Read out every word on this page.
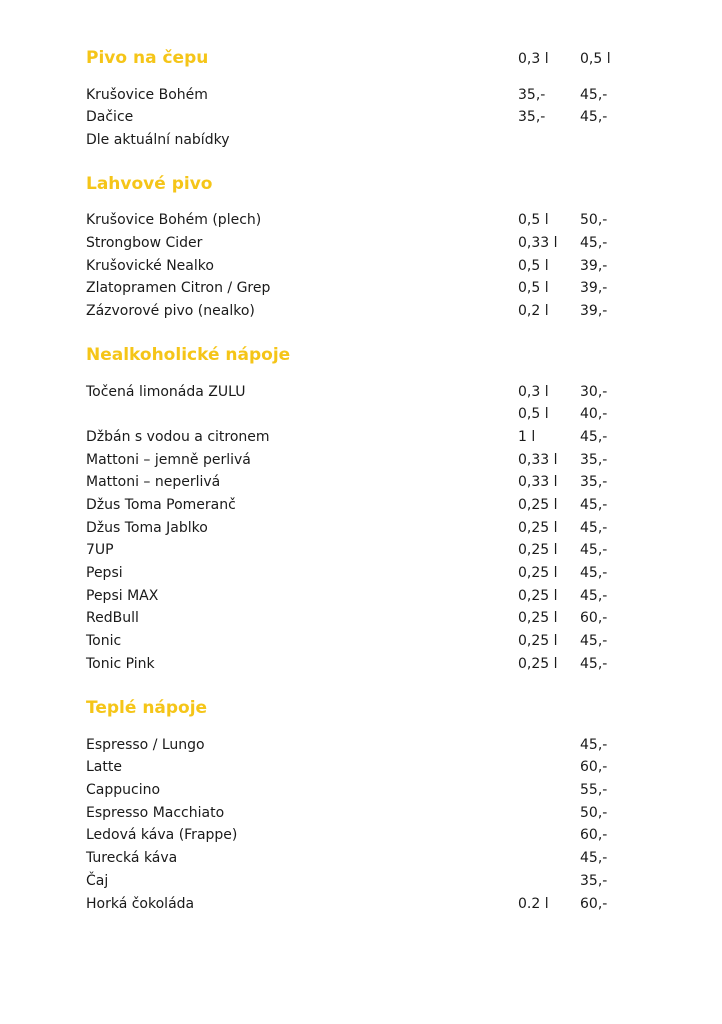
Pivo na čepu	0,3 l 0,5 l
Krušovice Bohém	35,- 45,-
Dačice	35,- 45,-
Dle aktuální nabídky
Lahvové pivo
Krušovice Bohém (plech)	0,5 l 50,-
Strongbow Cider	0,33 l 45,-
Krušovické Nealko	0,5 l 39,-
Zlatopramen Citron / Grep	0,5 l 39,-
Zázvorové pivo (nealko)	0,2 l 39,-
Nealkoholické nápoje
Točená limonáda ZULU	0,3 l 30,-
0,5 l 40,-
Džbán s vodou a citronem	1 l	45,-
Mattoni – jemně perlivá	0,33 l 35,-
Mattoni – neperlivá	0,33 l 35,-
Džus Toma Pomeranč	0,25 l 45,-
Džus Toma Jablko	0,25 l 45,-
7UP	0,25 l 45,-
Pepsi	0,25 l 45,-
Pepsi MAX	0,25 l 45,-
RedBull	0,25 l 60,-
Tonic	0,25 l 45,-
Tonic Pink	0,25 l 45,-
Teplé nápoje
Espresso / Lungo	45,-
Latte	60,-
Cappucino	55,-
Espresso Macchiato	50,-
Ledová káva (Frappe)	60,-
Turecká káva	45,-
Čaj	35,-
Horká čokoláda	0.2 l 60,-
